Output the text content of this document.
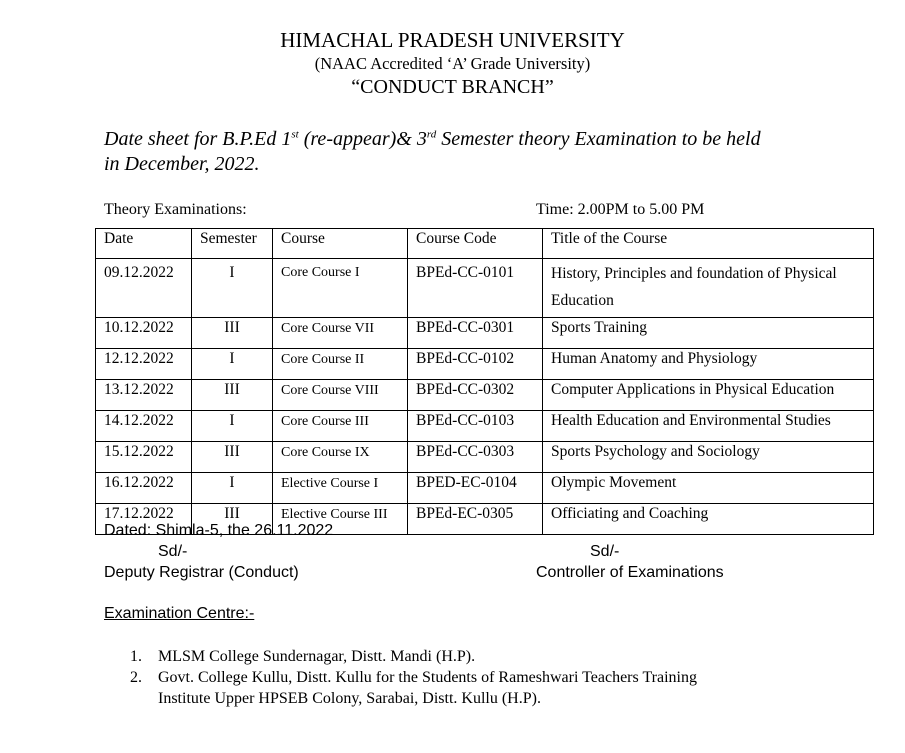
HIMACHAL PRADESH UNIVERSITY
(NAAC Accredited ‘A’ Grade University)
“CONDUCT BRANCH”
Date sheet for B.P.Ed 1st (re-appear)& 3rd Semester theory Examination to be held
in December, 2022.
Theory Examinations:	Time: 2.00PM to 5.00 PM
Date	Semester	Course	Course Code	Title of the Course
09.12.2022	I	Core Course I	BPEd-CC-0101	History, Principles and foundation of Physical
Education
10.12.2022	III	Core Course VII	BPEd-CC-0301	Sports Training
12.12.2022	I	Core Course II	BPEd-CC-0102	Human Anatomy and Physiology
13.12.2022	III	Core Course VIII	BPEd-CC-0302	Computer Applications in Physical Education
14.12.2022	I	Core Course III	BPEd-CC-0103	Health Education and Environmental Studies
15.12.2022	III	Core Course IX	BPEd-CC-0303	Sports Psychology and Sociology
16.12.2022	I	Elective Course I	BPED-EC-0104	Olympic Movement
17.12.2022	III	Elective Course III	BPEd-EC-0305	Officiating and Coaching
Dated: Shimla-5, the 26.11.2022
Sd/-	Sd/-
Deputy Registrar (Conduct)	Controller of Examinations
Examination Centre:-
1. MLSM College Sundernagar, Distt. Mandi (H.P).
2. Govt. College Kullu, Distt. Kullu for the Students of Rameshwari Teachers Training
Institute Upper HPSEB Colony, Sarabai, Distt. Kullu (H.P).
